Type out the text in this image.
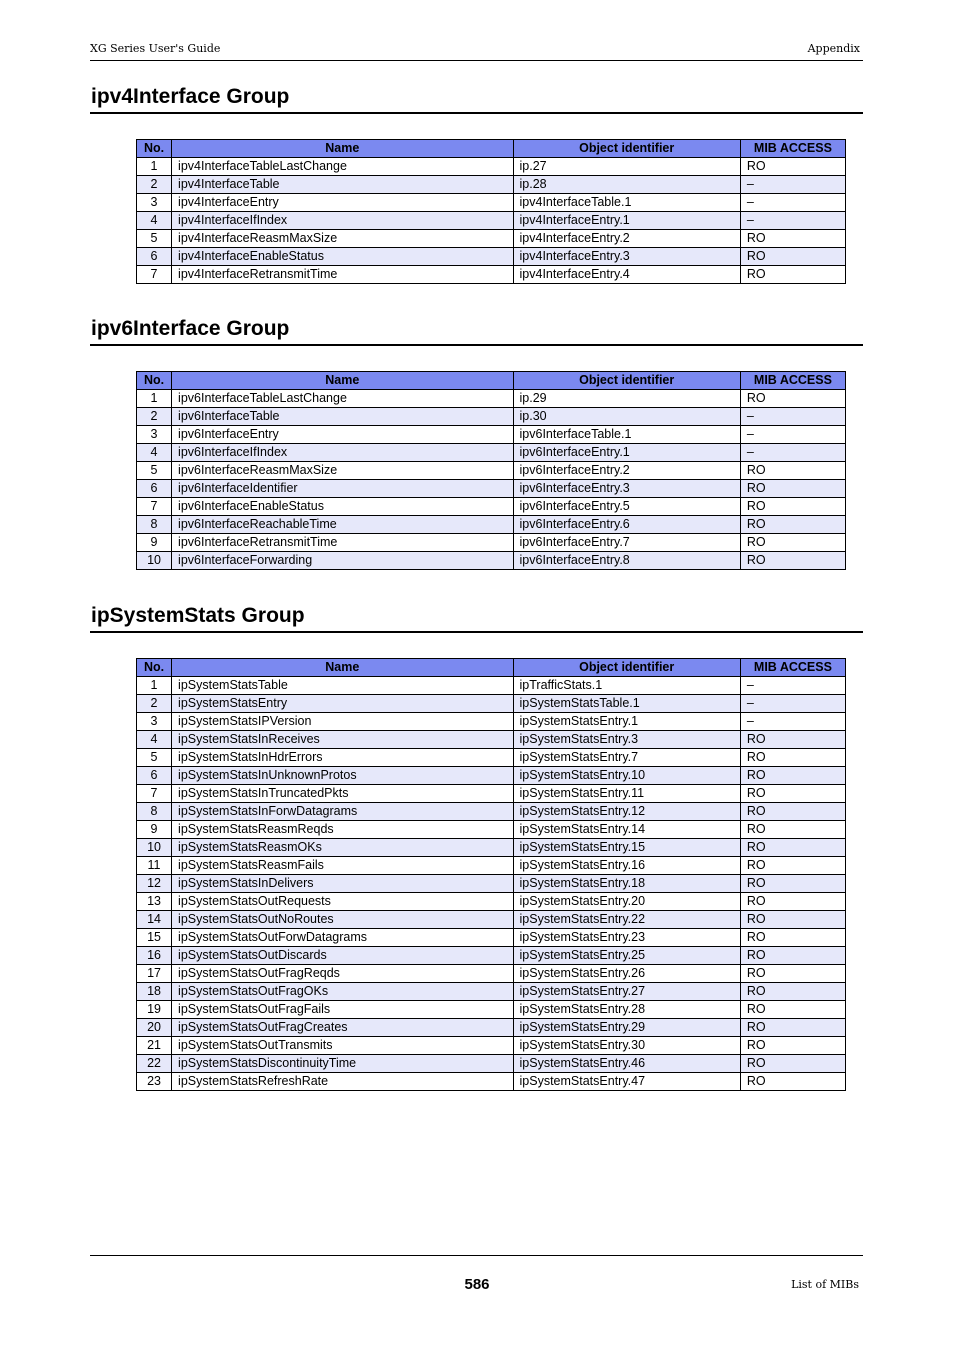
XG Series User's Guide	Appendix
ipv4Interface Group
No.	Name	Object identifier	MIB ACCESS
1	ipv4InterfaceTableLastChange	ip.27	RO
2	ipv4InterfaceTable	ip.28	–
3	ipv4InterfaceEntry	ipv4InterfaceTable.1	–
4	ipv4InterfaceIfIndex	ipv4InterfaceEntry.1	–
5	ipv4InterfaceReasmMaxSize	ipv4InterfaceEntry.2	RO
6	ipv4InterfaceEnableStatus	ipv4InterfaceEntry.3	RO
7	ipv4InterfaceRetransmitTime	ipv4InterfaceEntry.4	RO
ipv6Interface Group
No.	Name	Object identifier	MIB ACCESS
1	ipv6InterfaceTableLastChange	ip.29	RO
2	ipv6InterfaceTable	ip.30	–
3	ipv6InterfaceEntry	ipv6InterfaceTable.1	–
4	ipv6InterfaceIfIndex	ipv6InterfaceEntry.1	–
5	ipv6InterfaceReasmMaxSize	ipv6InterfaceEntry.2	RO
6	ipv6InterfaceIdentifier	ipv6InterfaceEntry.3	RO
7	ipv6InterfaceEnableStatus	ipv6InterfaceEntry.5	RO
8	ipv6InterfaceReachableTime	ipv6InterfaceEntry.6	RO
9	ipv6InterfaceRetransmitTime	ipv6InterfaceEntry.7	RO
10	ipv6InterfaceForwarding	ipv6InterfaceEntry.8	RO
ipSystemStats Group
No.	Name	Object identifier	MIB ACCESS
1	ipSystemStatsTable	ipTrafficStats.1	–
2	ipSystemStatsEntry	ipSystemStatsTable.1	–
3	ipSystemStatsIPVersion	ipSystemStatsEntry.1	–
4	ipSystemStatsInReceives	ipSystemStatsEntry.3	RO
5	ipSystemStatsInHdrErrors	ipSystemStatsEntry.7	RO
6	ipSystemStatsInUnknownProtos	ipSystemStatsEntry.10	RO
7	ipSystemStatsInTruncatedPkts	ipSystemStatsEntry.11	RO
8	ipSystemStatsInForwDatagrams	ipSystemStatsEntry.12	RO
9	ipSystemStatsReasmReqds	ipSystemStatsEntry.14	RO
10	ipSystemStatsReasmOKs	ipSystemStatsEntry.15	RO
11	ipSystemStatsReasmFails	ipSystemStatsEntry.16	RO
12	ipSystemStatsInDelivers	ipSystemStatsEntry.18	RO
13	ipSystemStatsOutRequests	ipSystemStatsEntry.20	RO
14	ipSystemStatsOutNoRoutes	ipSystemStatsEntry.22	RO
15	ipSystemStatsOutForwDatagrams	ipSystemStatsEntry.23	RO
16	ipSystemStatsOutDiscards	ipSystemStatsEntry.25	RO
17	ipSystemStatsOutFragReqds	ipSystemStatsEntry.26	RO
18	ipSystemStatsOutFragOKs	ipSystemStatsEntry.27	RO
19	ipSystemStatsOutFragFails	ipSystemStatsEntry.28	RO
20	ipSystemStatsOutFragCreates	ipSystemStatsEntry.29	RO
21	ipSystemStatsOutTransmits	ipSystemStatsEntry.30	RO
22	ipSystemStatsDiscontinuityTime	ipSystemStatsEntry.46	RO
23	ipSystemStatsRefreshRate	ipSystemStatsEntry.47	RO
586	List of MIBs
